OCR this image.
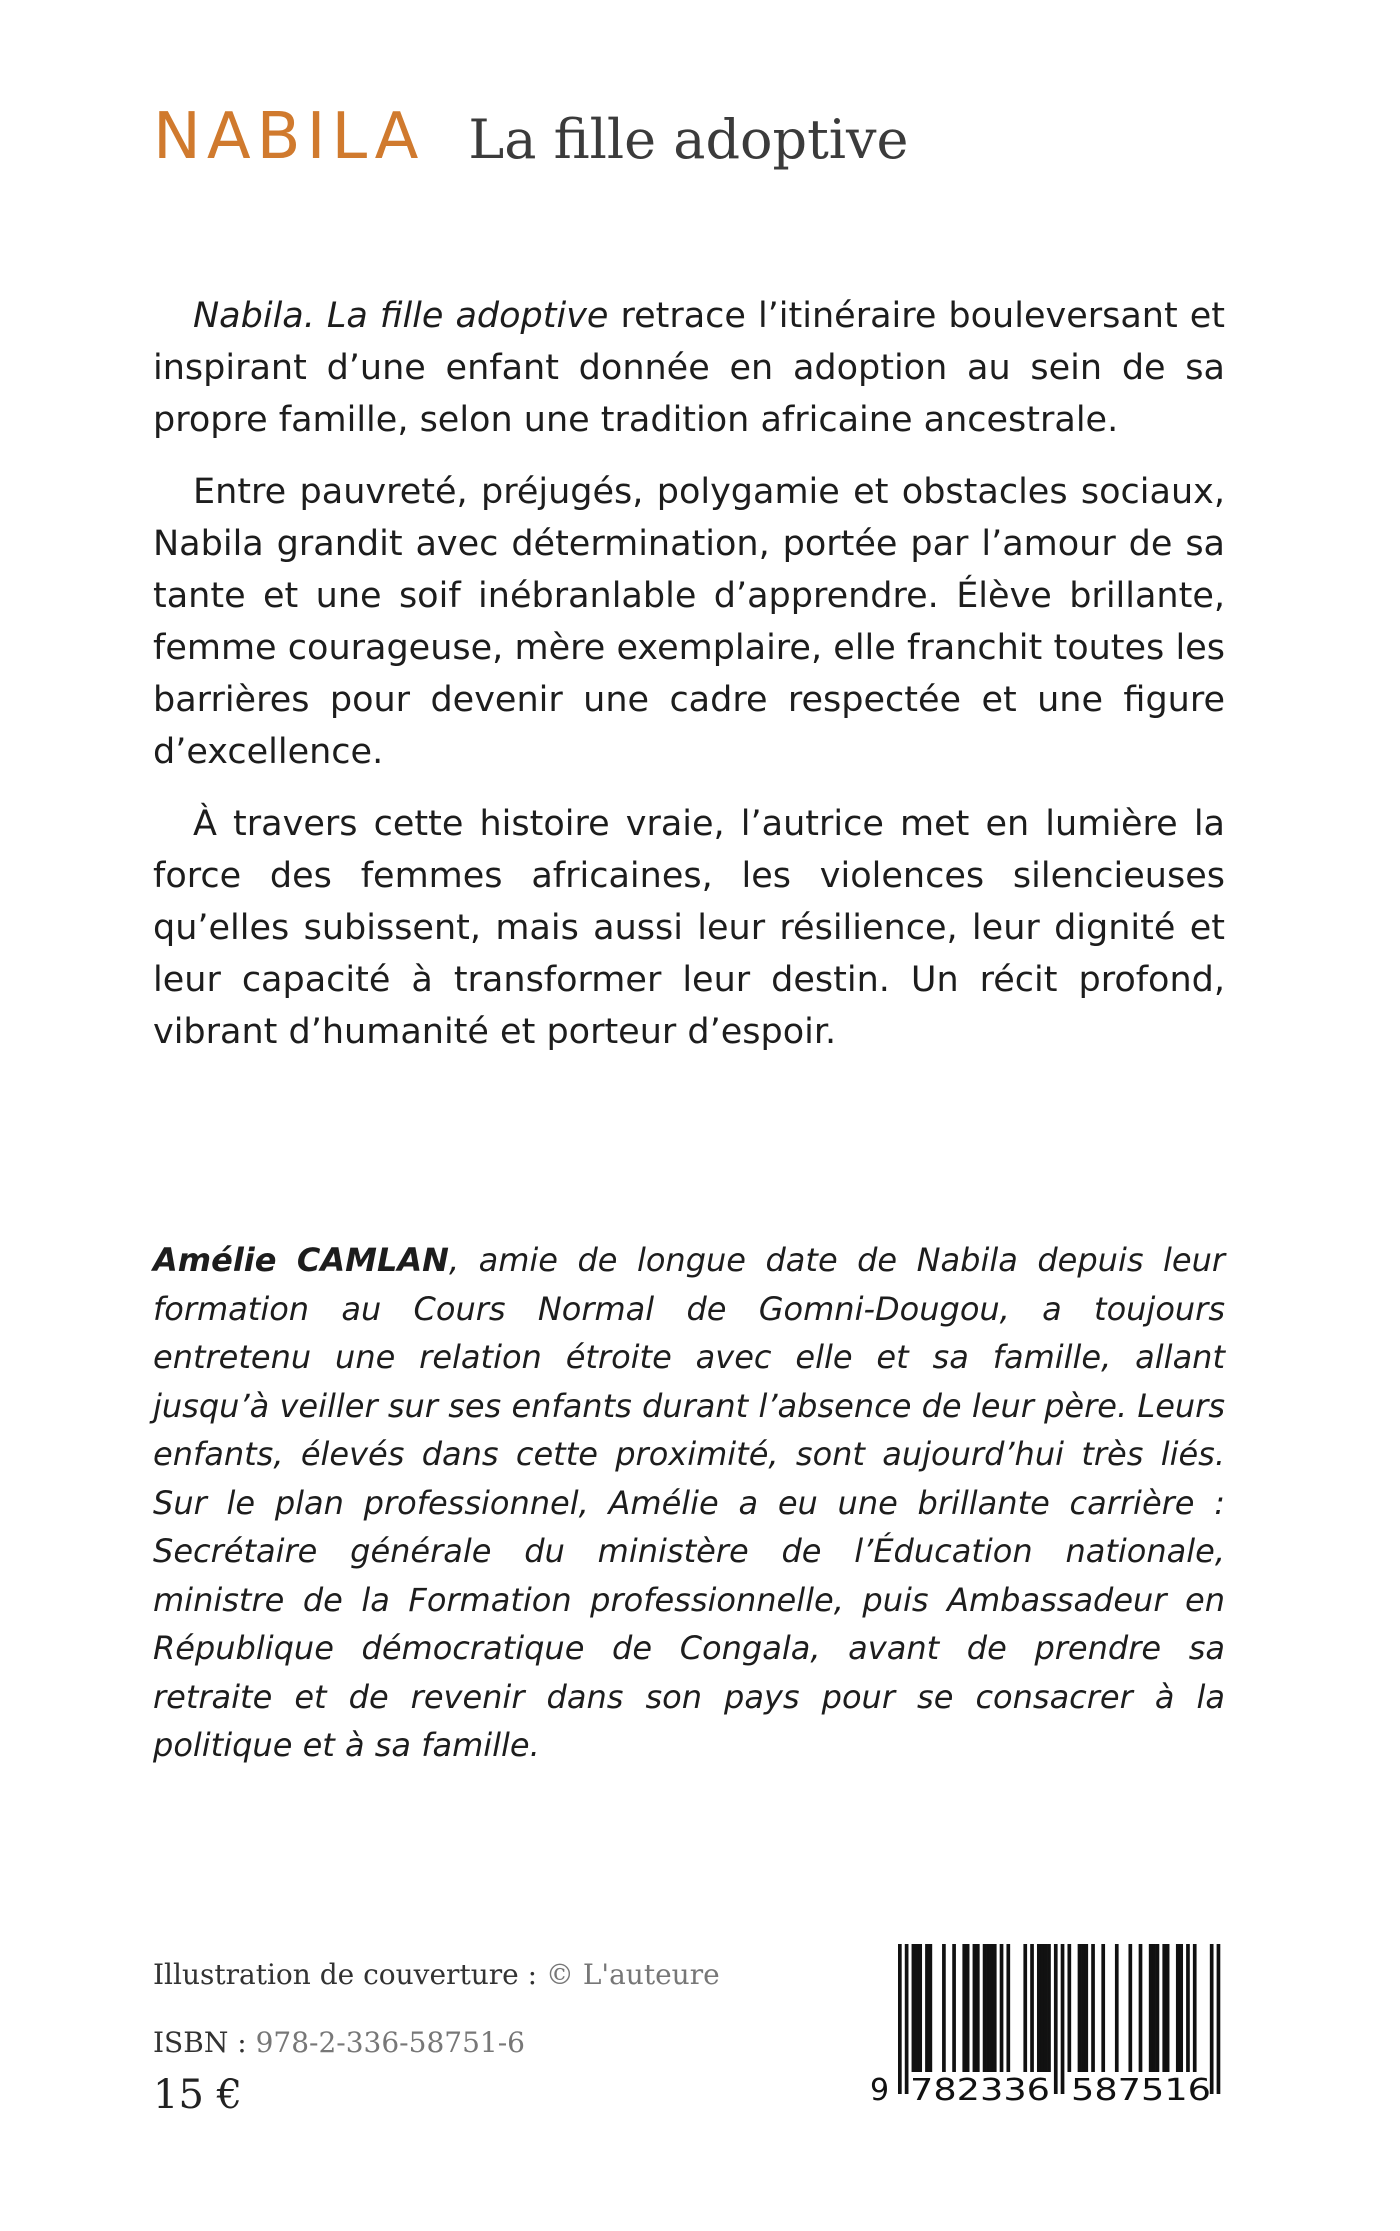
NABILA La fille adoptive

Nabila. La fille adoptive retrace l’itinéraire bouleversant et inspirant d’une enfant donnée en adoption au sein de sa propre famille, selon une tradition africaine ancestrale.

Entre pauvreté, préjugés, polygamie et obstacles sociaux, Nabila grandit avec détermination, portée par l’amour de sa tante et une soif inébranlable d’apprendre. Élève brillante, femme courageuse, mère exemplaire, elle franchit toutes les barrières pour devenir une cadre respectée et une figure d’excellence.

À travers cette histoire vraie, l’autrice met en lumière la force des femmes africaines, les violences silencieuses qu’elles subissent, mais aussi leur résilience, leur dignité et leur capacité à transformer leur destin. Un récit profond, vibrant d’humanité et porteur d’espoir.

Amélie CAMLAN, amie de longue date de Nabila depuis leur formation au Cours Normal de Gomni-Dougou, a toujours entretenu une relation étroite avec elle et sa famille, allant jusqu’à veiller sur ses enfants durant l’absence de leur père. Leurs enfants, élevés dans cette proximité, sont aujourd’hui très liés. Sur le plan professionnel, Amélie a eu une brillante carrière : Secrétaire générale du ministère de l’Éducation nationale, ministre de la Formation professionnelle, puis Ambassadeur en République démocratique de Congala, avant de prendre sa retraite et de revenir dans son pays pour se consacrer à la politique et à sa famille.

Illustration de couverture : © L'auteure
ISBN : 978-2-336-58751-6
15 €	9 782336 587516
